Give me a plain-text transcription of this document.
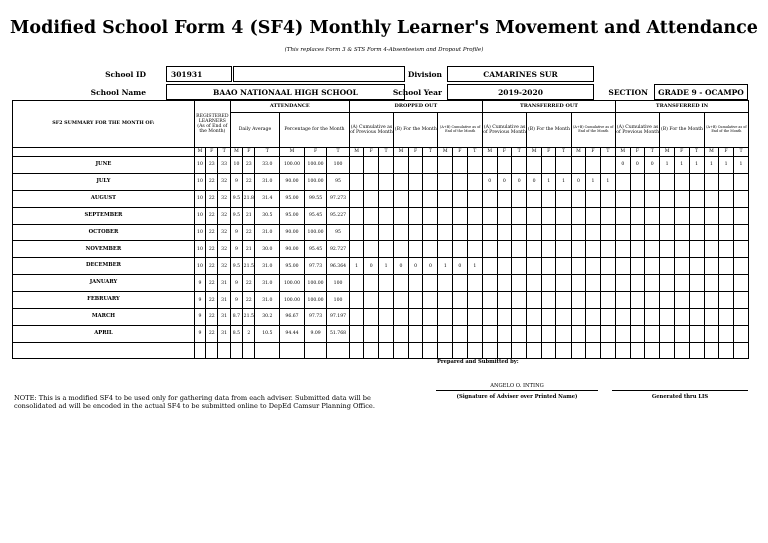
Modified School Form 4 (SF4) Monthly Learner's Movement and Attendance
(This replaces Form 3 & STS Form 4-Absenteeism and Dropout Profile)
School ID	301931	Division	CAMARINES SUR
School Name	BAAO NATIONAAL HIGH SCHOOL	School Year	2019-2020	SECTION	GRADE 9 - OCAMPO
SF2 SUMMARY FOR THE MONTH OF:	REGISTERED LEARNERS (As of End of the Month)			ATTENDANCE						DROPPED OUT									TRANSFERRED OUT									TRANSFERRED IN								
				Daily Average			Percentage for the Month			(A) Cumulative as of Previous Month			(B) For the Month			(A+B) Cumulative as of End of the Month			(A) Cumulative as of Previous Month			(B) For the Month			(A+B) Cumulative as of End of the Month			(A) Cumulative as of Previous Month			(B) For the Month			(A+B) Cumulative as of End of the Month		
	M	F	T	M	F	T	M	F	T	M	F	T	M	F	T	M	F	T	M	F	T	M	F	T	M	F	T	M	F	T	M	F	T	M	F	T
JUNE	10	23	33	10	23	33.0	100.00	100.00	100																			0	0	0	1	1	1	1	1	1
JULY	10	22	32	9	22	31.0	90.00	100.00	95										0	0	0	0	1	1	0	1	1									
AUGUST	10	22	32	9.5	21.8	31.4	95.00	99.55	97.273																											
SEPTEMBER	10	22	32	9.5	21	30.5	95.00	95.45	95.227																											
OCTOBER	10	22	32	9	22	31.0	90.00	100.00	95																											
NOVEMBER	10	22	32	9	21	30.0	90.00	95.45	92.727																											
DECEMBER	10	22	32	9.5	21.5	31.0	95.00	97.73	96.364	1	0	1	0	0	0	1	0	1																		
JANUARY	9	22	31	9	22	31.0	100.00	100.00	100																											
FEBRUARY	9	22	31	9	22	31.0	100.00	100.00	100																											
MARCH	9	22	31	8.7	21.5	30.2	96.67	97.73	97.197																											
APRIL	9	22	31	8.5	2	10.5	94.44	9.09	51.768																											

Prepared and Submitted by:
ANGELO O. INTING
(Signature of Adviser over Printed Name)	Generated thru LIS
NOTE: This is a modified SF4 to be used only for gathering data from each adviser. Submitted data will be consolidated ad will be encoded in the actual SF4 to be submitted online to DepEd Camsur Planning Office.
